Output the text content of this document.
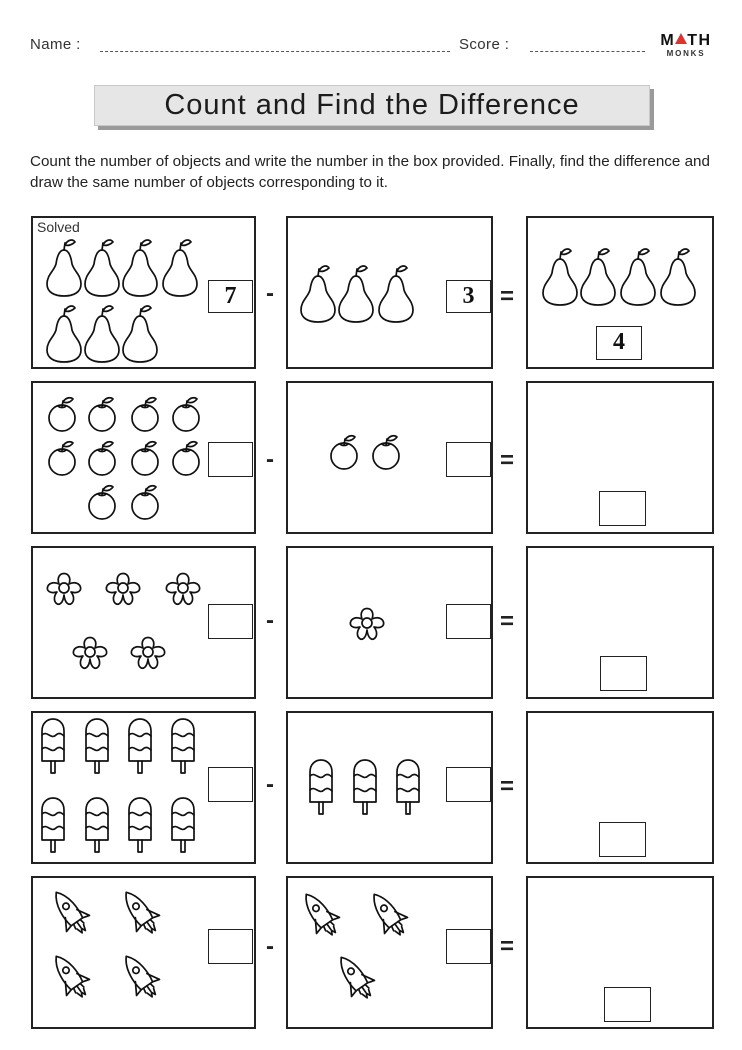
Name :	Score :	M TH
MONKS
Count and Find the Difference
Count the number of objects and write the number in the box provided. Finally, find the difference and draw the same number of objects corresponding to it.
Solved
7	-	3	=
4
-	=
-	=
-	=
-	=
